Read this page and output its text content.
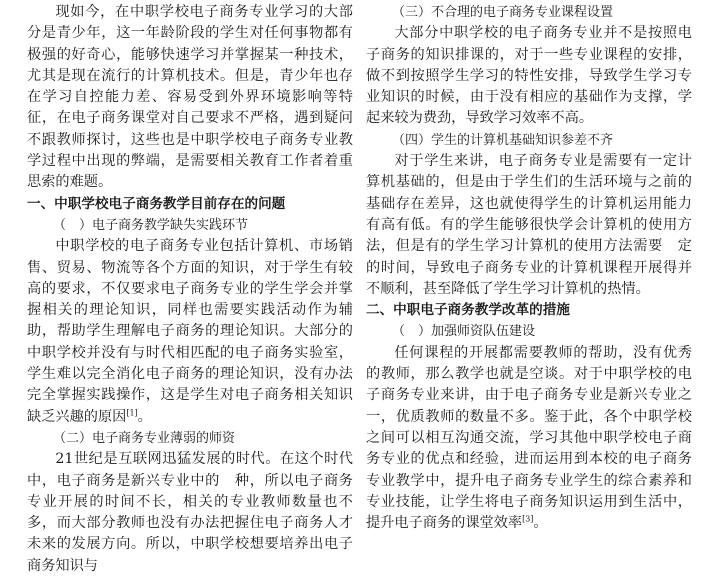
现如今，在中职学校电子商务专业学习的大部分是青少年，这一年龄阶段的学生对任何事物都有极强的好奇心，能够快速学习并掌握某一种技术，尤其是现在流行的计算机技术。但是，青少年也存在学习自控能力差、容易受到外界环境影响等特征，在电子商务课堂对自己要求不严格，遇到疑问不跟教师探讨，这些也是中职学校电子商务专业教学过程中出现的弊端，是需要相关教育工作者着重思索的难题。

一、中职学校电子商务教学目前存在的问题

（　）电子商务教学缺失实践环节

中职学校的电子商务专业包括计算机、市场销售、贸易、物流等各个方面的知识，对于学生有较高的要求，不仅要求电子商务专业的学生学会并掌握相关的理论知识，同样也需要实践活动作为辅助，帮助学生理解电子商务的理论知识。大部分的中职学校并没有与时代相匹配的电子商务实验室，学生难以完全消化电子商务的理论知识，没有办法完全掌握实践操作，这是学生对电子商务相关知识缺乏兴趣的原因[1]。

（二）电子商务专业薄弱的师资

21世纪是互联网迅猛发展的时代。在这个时代中，电子商务是新兴专业中的　种，所以电子商务专业开展的时间不长，相关的专业教师数量也不多，而大部分教师也没有办法把握住电子商务人才未来的发展方向。所以，中职学校想要培养出电子商务知识与

（三）不合理的电子商务专业课程设置

大部分中职学校的电子商务专业并不是按照电子商务的知识排课的，对于一些专业课程的安排，做不到按照学生学习的特性安排，导致学生学习专业知识的时候，由于没有相应的基础作为支撑，学起来较为费劲，导致学习效率不高。

（四）学生的计算机基础知识参差不齐

对于学生来讲，电子商务专业是需要有一定计算机基础的，但是由于学生们的生活环境与之前的基础存在差异，这也就使得学生的计算机运用能力有高有低。有的学生能够很快学会计算机的使用方法，但是有的学生学习计算机的使用方法需要　定的时间，导致电子商务专业的计算机课程开展得并不顺利，甚至降低了学生学习计算机的热情。

二、中职电子商务教学改革的措施

（　）加强师资队伍建设

任何课程的开展都需要教师的帮助，没有优秀的教师，那么教学也就是空谈。对于中职学校的电子商务专业来讲，由于电子商务专业是新兴专业之一，优质教师的数量不多。鉴于此，各个中职学校之间可以相互沟通交流，学习其他中职学校电子商务专业的优点和经验，进而运用到本校的电子商务专业教学中，提升电子商务专业学生的综合素养和专业技能，让学生将电子商务知识运用到生活中，提升电子商务的课堂效率[3]。
